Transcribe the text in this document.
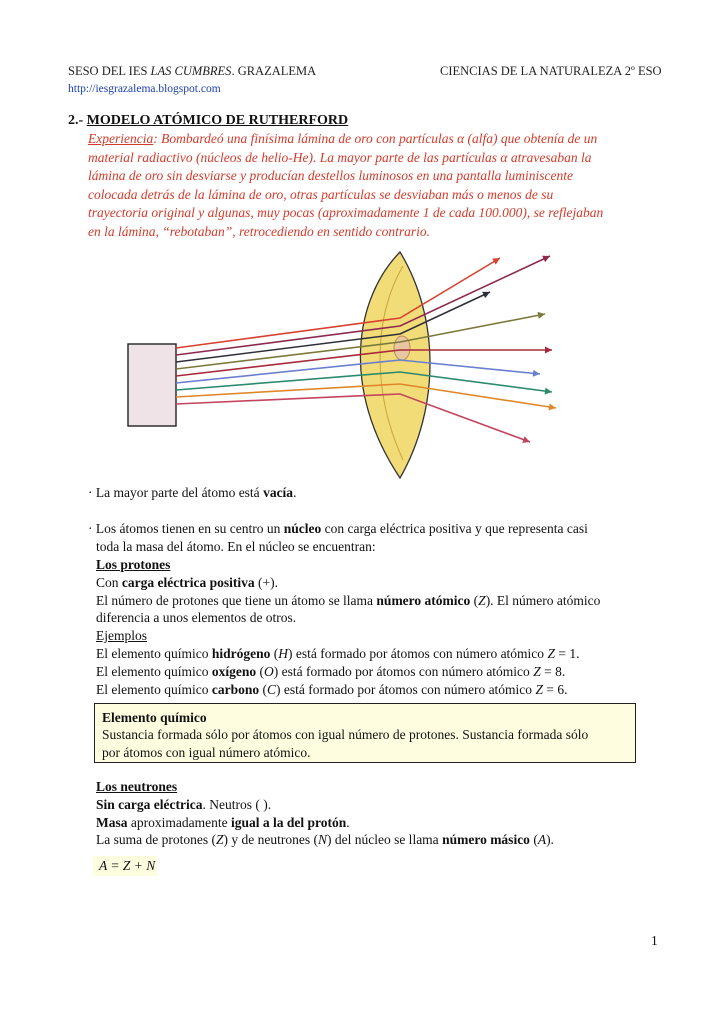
SESO DEL IES LAS CUMBRES. GRAZALEMA	CIENCIAS DE LA NATURALEZA 2º ESO
http://iesgrazalema.blogspot.com
2.- MODELO ATÓMICO DE RUTHERFORD
Experiencia: Bombardeó una finísima lámina de oro con partículas α (alfa) que obtenía de un
material radiactivo (núcleos de helio-He). La mayor parte de las partículas α atravesaban la
lámina de oro sin desviarse y producían destellos luminosos en una pantalla luminiscente
colocada detrás de la lámina de oro, otras partículas se desviaban más o menos de su
trayectoria original y algunas, muy pocas (aproximadamente 1 de cada 100.000), se reflejaban
en la lámina, “rebotaban”, retrocediendo en sentido contrario.
· La mayor parte del átomo está vacía.
· Los átomos tienen en su centro un núcleo con carga eléctrica positiva y que representa casi
toda la masa del átomo. En el núcleo se encuentran:
Los protones
Con carga eléctrica positiva (+).
El número de protones que tiene un átomo se llama número atómico (Z). El número atómico
diferencia a unos elementos de otros.
Ejemplos
El elemento químico hidrógeno (H) está formado por átomos con número atómico Z = 1.
El elemento químico oxígeno (O) está formado por átomos con número atómico Z = 8.
El elemento químico carbono (C) está formado por átomos con número atómico Z = 6.
Elemento químico
Sustancia formada sólo por átomos con igual número de protones. Sustancia formada sólo
por átomos con igual número atómico.
Los neutrones
Sin carga eléctrica. Neutros ( ).
Masa aproximadamente igual a la del protón.
La suma de protones (Z) y de neutrones (N) del núcleo se llama número másico (A).
A = Z + N
1
